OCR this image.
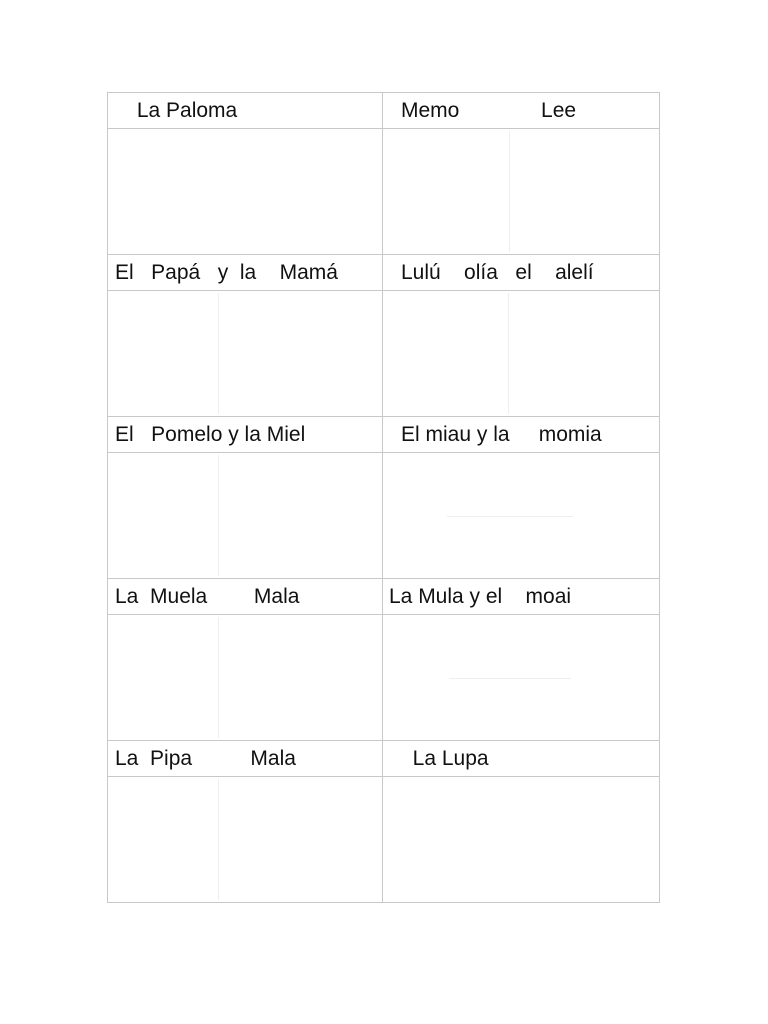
La Paloma	Memo              Lee

El   Papá   y  la    Mamá	Lulú    olía   el    alelí

El   Pomelo y la Miel	El miau y la     momia

La  Muela        Mala	La Mula y el    moai

La  Pipa          Mala	La Lupa
